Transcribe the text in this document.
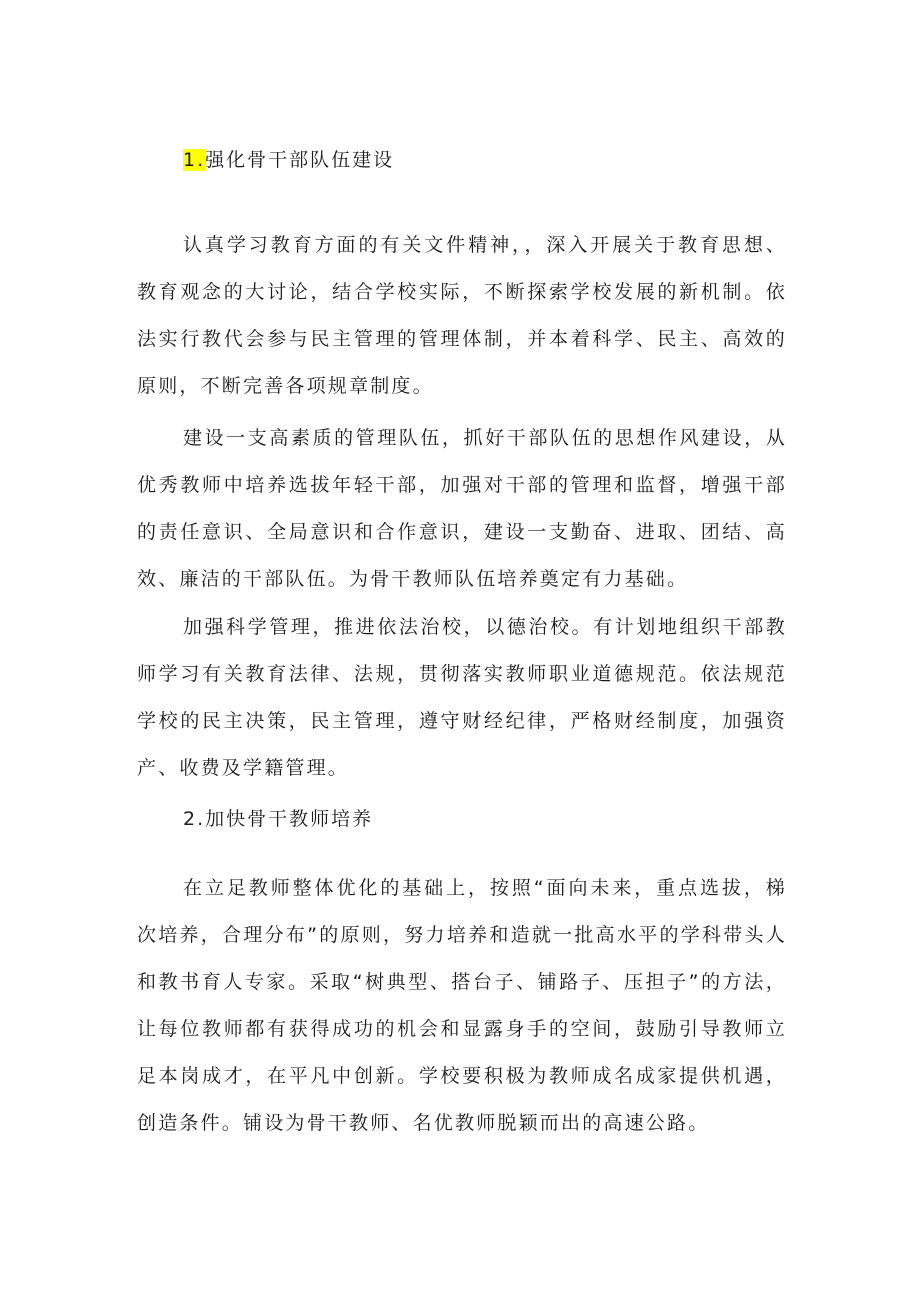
1.强化骨干部队伍建设

认真学习教育方面的有关文件精神，，深入开展关于教育思想、教育观念的大讨论，结合学校实际，不断探索学校发展的新机制。依法实行教代会参与民主管理的管理体制，并本着科学、民主、高效的原则，不断完善各项规章制度。

建设一支高素质的管理队伍，抓好干部队伍的思想作风建设，从优秀教师中培养选拔年轻干部，加强对干部的管理和监督，增强干部的责任意识、全局意识和合作意识，建设一支勤奋、进取、团结、高效、廉洁的干部队伍。为骨干教师队伍培养奠定有力基础。

加强科学管理，推进依法治校，以德治校。有计划地组织干部教师学习有关教育法律、法规，贯彻落实教师职业道德规范。依法规范学校的民主决策，民主管理，遵守财经纪律，严格财经制度，加强资产、收费及学籍管理。

2.加快骨干教师培养

在立足教师整体优化的基础上，按照“面向未来，重点选拔，梯次培养，合理分布”的原则，努力培养和造就一批高水平的学科带头人和教书育人专家。采取“树典型、搭台子、铺路子、压担子”的方法，让每位教师都有获得成功的机会和显露身手的空间，鼓励引导教师立足本岗成才，在平凡中创新。学校要积极为教师成名成家提供机遇，创造条件。铺设为骨干教师、名优教师脱颖而出的高速公路。
